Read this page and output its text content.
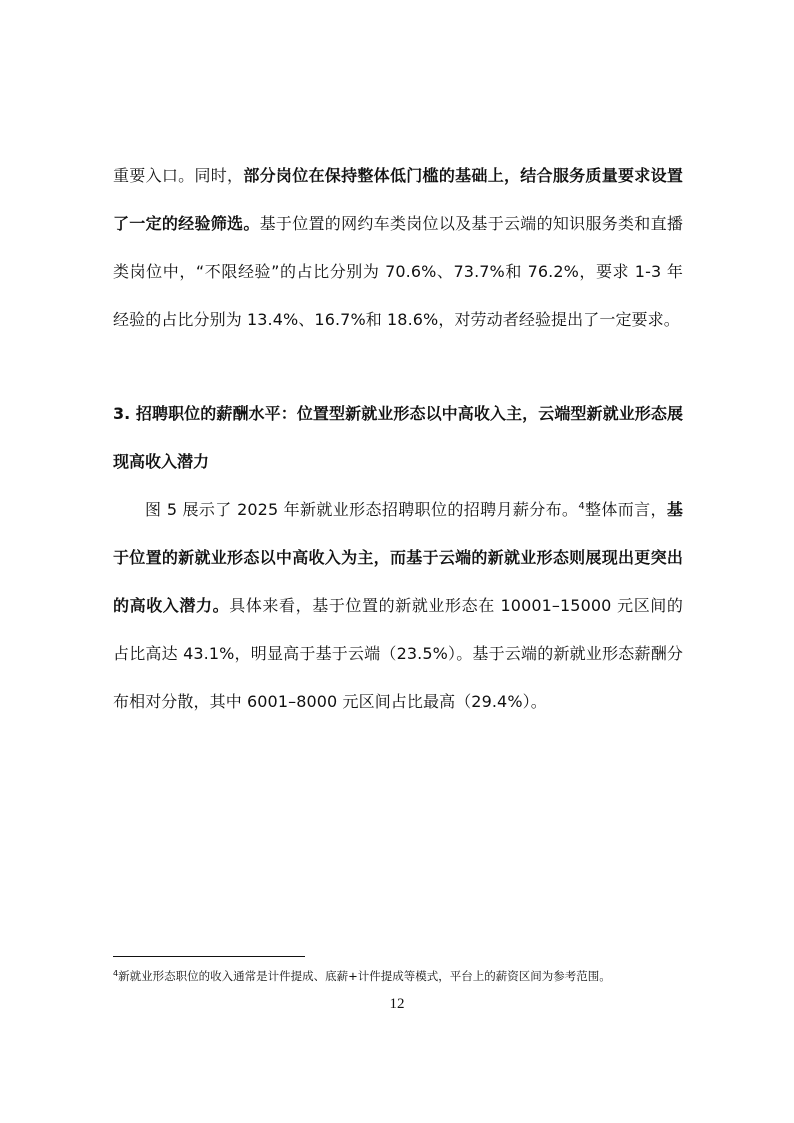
重要入口。同时，部分岗位在保持整体低门槛的基础上，结合服务质量要求设置了一定的经验筛选。基于位置的网约车类岗位以及基于云端的知识服务类和直播类岗位中，“不限经验”的占比分别为 70.6%、73.7%和 76.2%，要求 1-3 年经验的占比分别为 13.4%、16.7%和 18.6%，对劳动者经验提出了一定要求。

3. 招聘职位的薪酬水平：位置型新就业形态以中高收入主，云端型新就业形态展现高收入潜力

图 5 展示了 2025 年新就业形态招聘职位的招聘月薪分布。$^4$整体而言，基于位置的新就业形态以中高收入为主，而基于云端的新就业形态则展现出更突出的高收入潜力。具体来看，基于位置的新就业形态在 10001–15000 元区间的占比高达 43.1%，明显高于基于云端（23.5%）。基于云端的新就业形态薪酬分布相对分散，其中 6001–8000 元区间占比最高（29.4%）。

$^4$新就业形态职位的收入通常是计件提成、底薪+计件提成等模式，平台上的薪资区间为参考范围。
12
